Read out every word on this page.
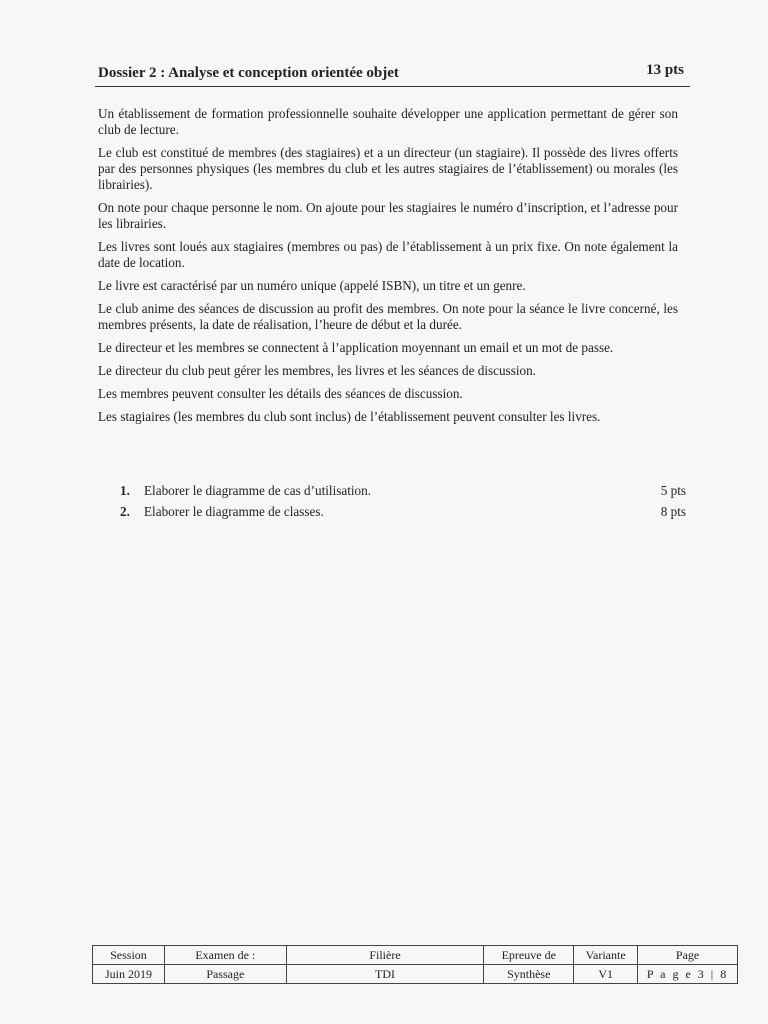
Dossier 2 : Analyse et conception orientée objet	13 pts

Un établissement de formation professionnelle souhaite développer une application permettant de gérer son club de lecture.

Le club est constitué de membres (des stagiaires) et a un directeur (un stagiaire). Il possède des livres offerts par des personnes physiques (les membres du club et les autres stagiaires de l’établissement) ou morales (les librairies).

On note pour chaque personne le nom. On ajoute pour les stagiaires le numéro d’inscription, et l’adresse pour les librairies.

Les livres sont loués aux stagiaires (membres ou pas) de l’établissement à un prix fixe. On note également la date de location.

Le livre est caractérisé par un numéro unique (appelé ISBN), un titre et un genre.

Le club anime des séances de discussion au profit des membres. On note pour la séance le livre concerné, les membres présents, la date de réalisation, l’heure de début et la durée.

Le directeur et les membres se connectent à l’application moyennant un email et un mot de passe.

Le directeur du club peut gérer les membres, les livres et les séances de discussion.

Les membres peuvent consulter les détails des séances de discussion.

Les stagiaires (les membres du club sont inclus) de l’établissement peuvent consulter les livres.

1. Elaborer le diagramme de cas d’utilisation.	5 pts
2. Elaborer le diagramme de classes.	8 pts
Session	Examen de :	Filière	Epreuve de	Variante	Page
Juin 2019	Passage	TDI	Synthèse	V1	P a g e 3 | 8
